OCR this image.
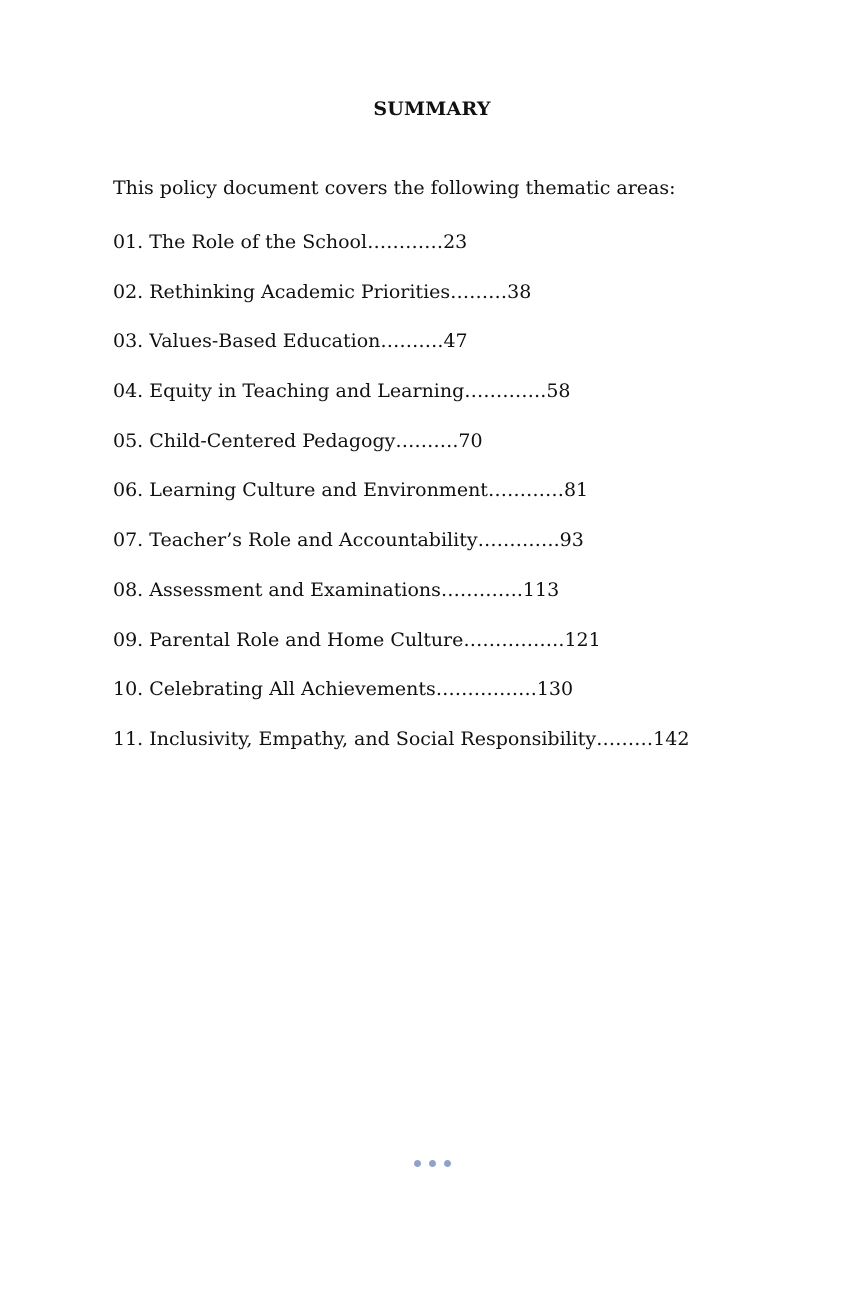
SUMMARY
This policy document covers the following thematic areas:
01. The Role of the School…………23
02. Rethinking Academic Priorities………38
03. Values-Based Education……….47
04. Equity in Teaching and Learning………….58
05. Child-Centered Pedagogy……….70
06. Learning Culture and Environment…………81
07. Teacher’s Role and Accountability………….93
08. Assessment and Examinations………….113
09. Parental Role and Home Culture…………….121
10. Celebrating All Achievements…………….130
11. Inclusivity, Empathy, and Social Responsibility………142
